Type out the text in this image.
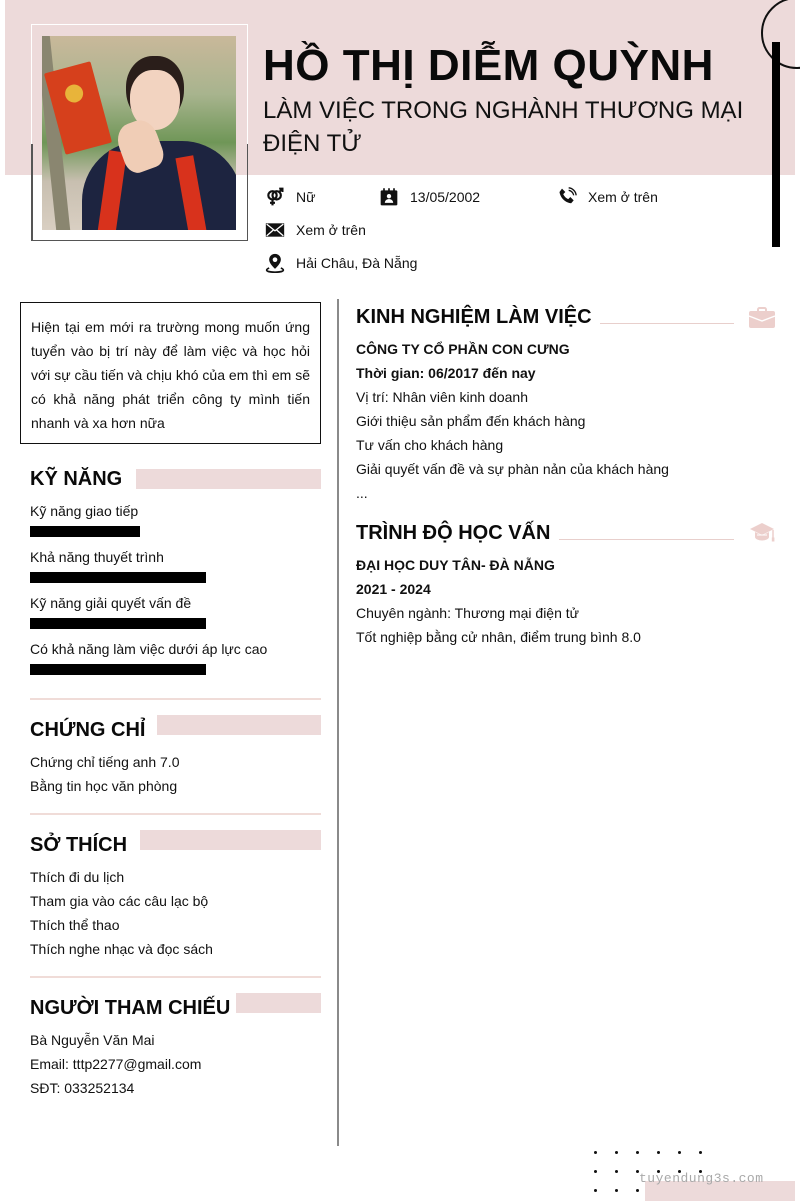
HỒ THỊ DIỄM QUỲNH
LÀM VIỆC TRONG NGHÀNH THƯƠNG MẠI ĐIỆN TỬ
Nữ	13/05/2002	Xem ở trên
Xem ở trên
Hải Châu, Đà Nẵng
Hiện tại em mới ra trường mong muốn ứng tuyển vào bị trí này để làm việc và học hỏi với sự cầu tiến và chịu khó của em thì em sẽ có khả năng phát triển công ty mình tiến nhanh và xa hơn nữa
KỸ NĂNG
Kỹ năng giao tiếp
Khả năng thuyết trình
Kỹ năng giải quyết vấn đề
Có khả năng làm việc dưới áp lực cao
CHỨNG CHỈ
Chứng chỉ tiếng anh 7.0
Bằng tin học văn phòng
SỞ THÍCH
Thích đi du lịch
Tham gia vào các câu lạc bộ
Thích thể thao
Thích nghe nhạc và đọc sách
NGƯỜI THAM CHIẾU
Bà Nguyễn Văn Mai
Email: tttp2277@gmail.com
SĐT: 033252134
KINH NGHIỆM LÀM VIỆC
CÔNG TY CỔ PHẦN CON CƯNG
Thời gian: 06/2017 đến nay
Vị trí: Nhân viên kinh doanh
Giới thiệu sản phẩm đến khách hàng
Tư vấn cho khách hàng
Giải quyết vấn đề và sự phàn nản của khách hàng
...
TRÌNH ĐỘ HỌC VẤN
ĐẠI HỌC DUY TÂN- ĐÀ NẴNG
2021 - 2024
Chuyên ngành: Thương mại điện tử
Tốt nghiệp bằng cử nhân, điểm trung bình 8.0
tuyendung3s.com
